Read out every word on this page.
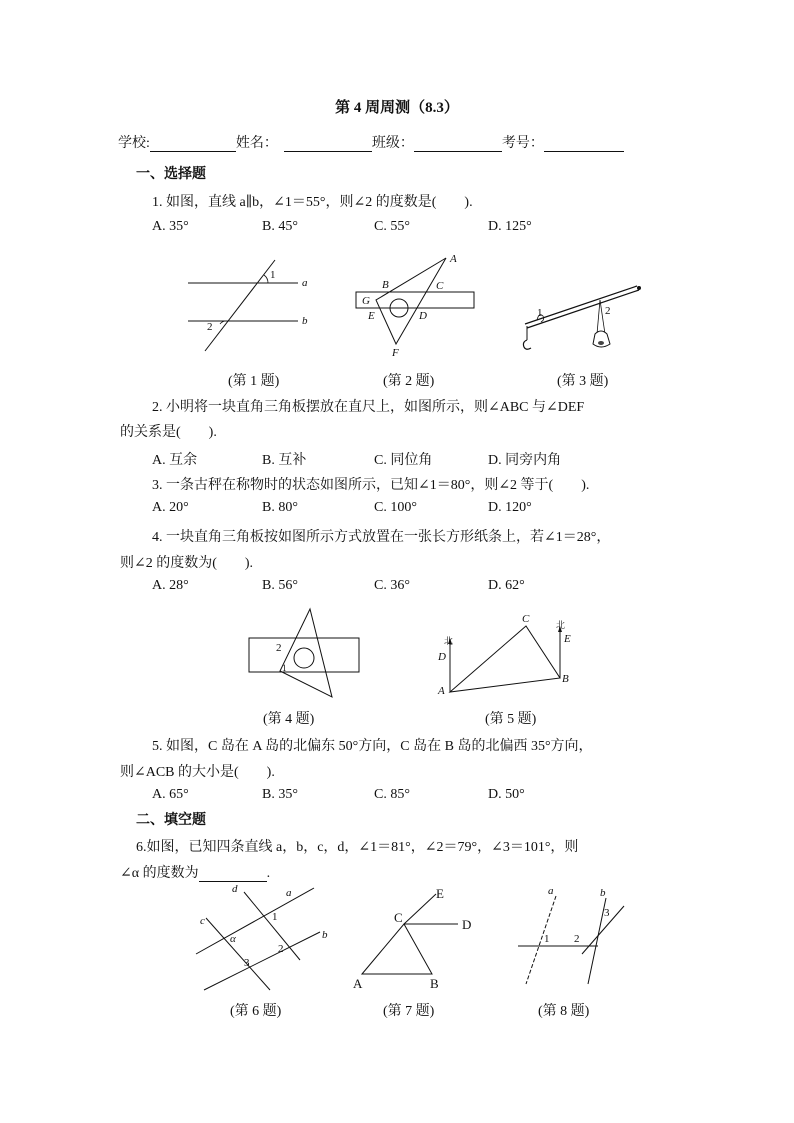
第 4 周周测（8.3）
学校:	姓名：	班级：	考号：
一、选择题
1. 如图，直线 a∥b，∠1＝55°，则∠2 的度数是(　　).
A. 35°	B. 45°	C. 55°	D. 125°
1
2
a
b
(第 1 题)
A
B	C
D
E
F
G
(第 2 题)
1	2
(第 3 题)
2. 小明将一块直角三角板摆放在直尺上，如图所示，则∠ABC 与∠DEF
的关系是(　　).
A. 互余	B. 互补	C. 同位角	D. 同旁内角
3. 一条古秤在称物时的状态如图所示，已知∠1＝80°，则∠2 等于(　　).
A. 20°	B. 80°	C. 100°	D. 120°
4. 一块直角三角板按如图所示方式放置在一张长方形纸条上，若∠1＝28°，
则∠2 的度数为(　　).
A. 28°	B. 56°	C. 36°	D. 62°
2
1
(第 4 题)
A
B
C
D
E
北
北
(第 5 题)
5. 如图，C 岛在 A 岛的北偏东 50°方向，C 岛在 B 岛的北偏西 35°方向，
则∠ACB 的大小是(　　).
A. 65°	B. 35°	C. 85°	D. 50°
二、填空题
6.如图，已知四条直线 a，b，c，d，∠1＝81°，∠2＝79°，∠3＝101°，则
∠α 的度数为	.
d	a
c
b
1
2
3
α
(第 6 题)
A	B
C	D
E
(第 7 题)
a	b
1 2
3
(第 8 题)
